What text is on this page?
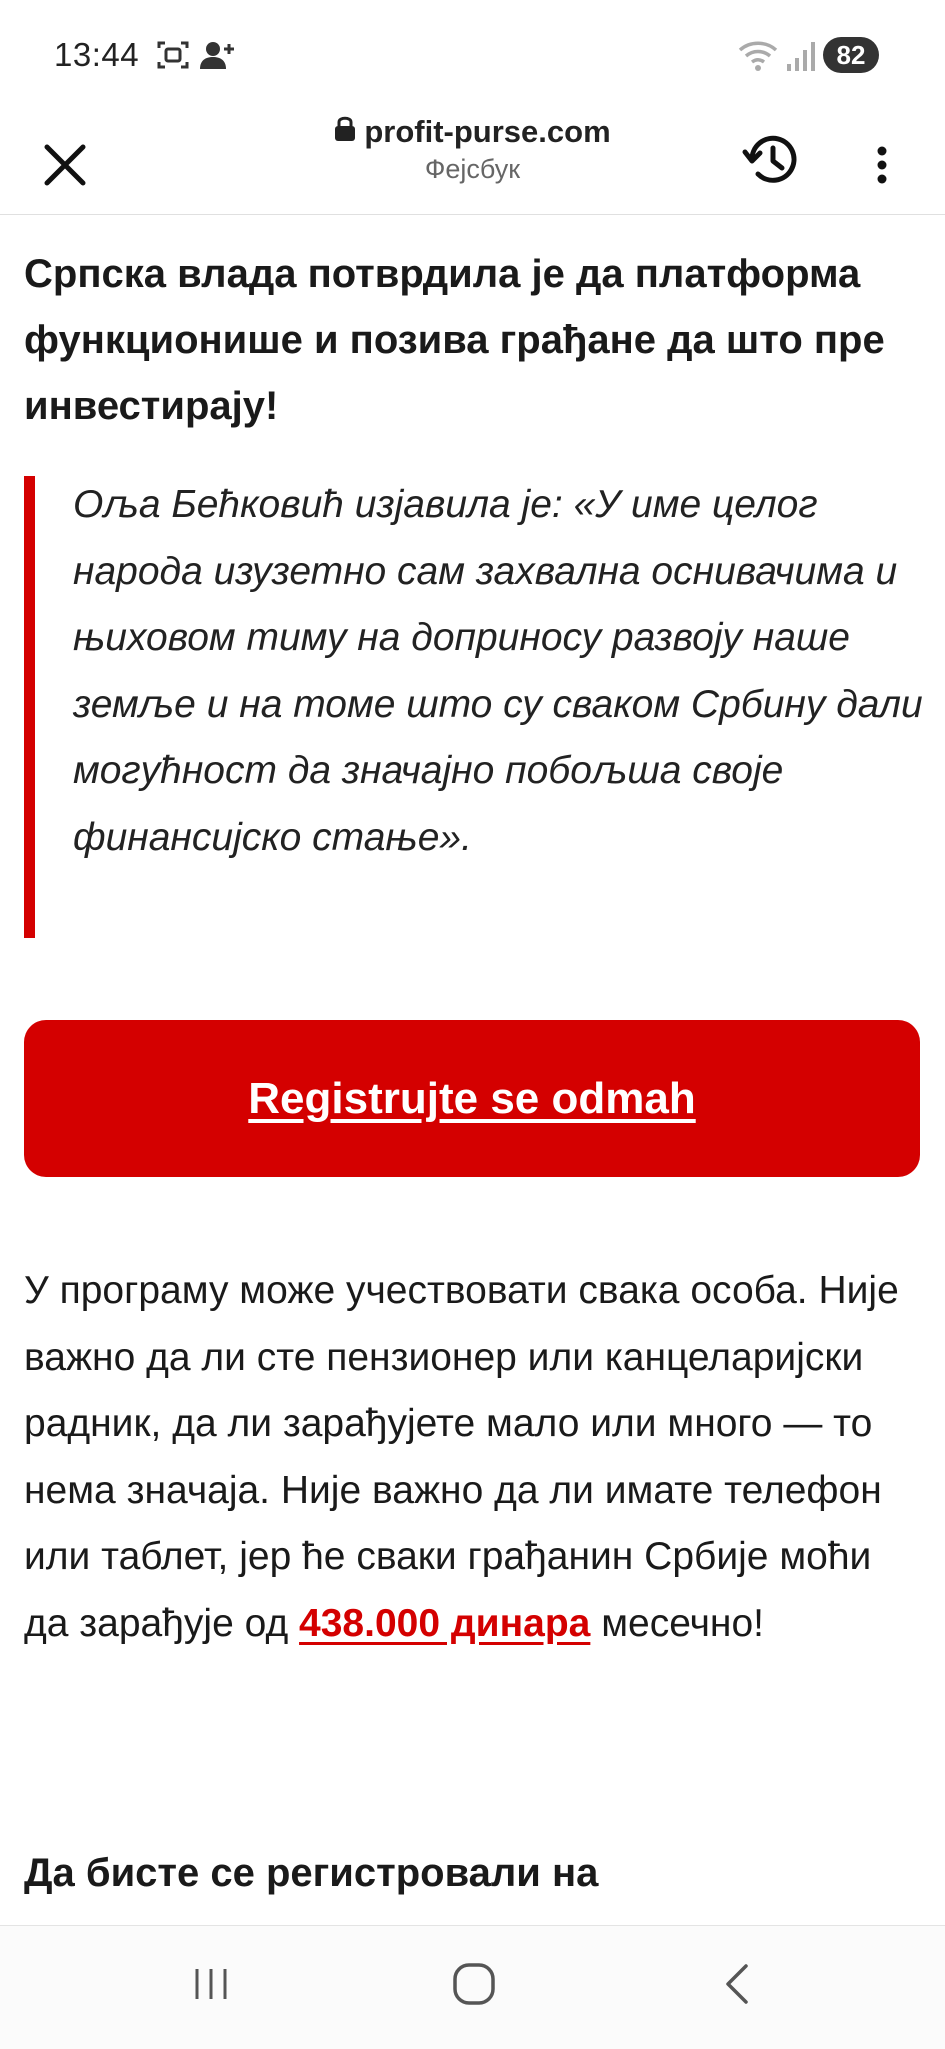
13:44	82
profit-purse.com
Фејсбук
Српска влада потврдила је да платформа функционише и позива грађане да што пре инвестирају!
Оља Бећковић изјавила је: «У име целог народа изузетно сам захвална оснивачима и њиховом тиму на доприносу развоју наше земље и на томе што су сваком Србину дали могућност да значајно побољша своје финансијско стање».
Registrujte se odmah
У програму може учествовати свака особа. Није важно да ли сте пензионер или канцеларијски радник, да ли зарађујете мало или много — то нема значаја. Није важно да ли имате телефон или таблет, јер ће сваки грађанин Србије моћи да зарађује од 438.000 динара месечно!
Да бисте се регистровали на
